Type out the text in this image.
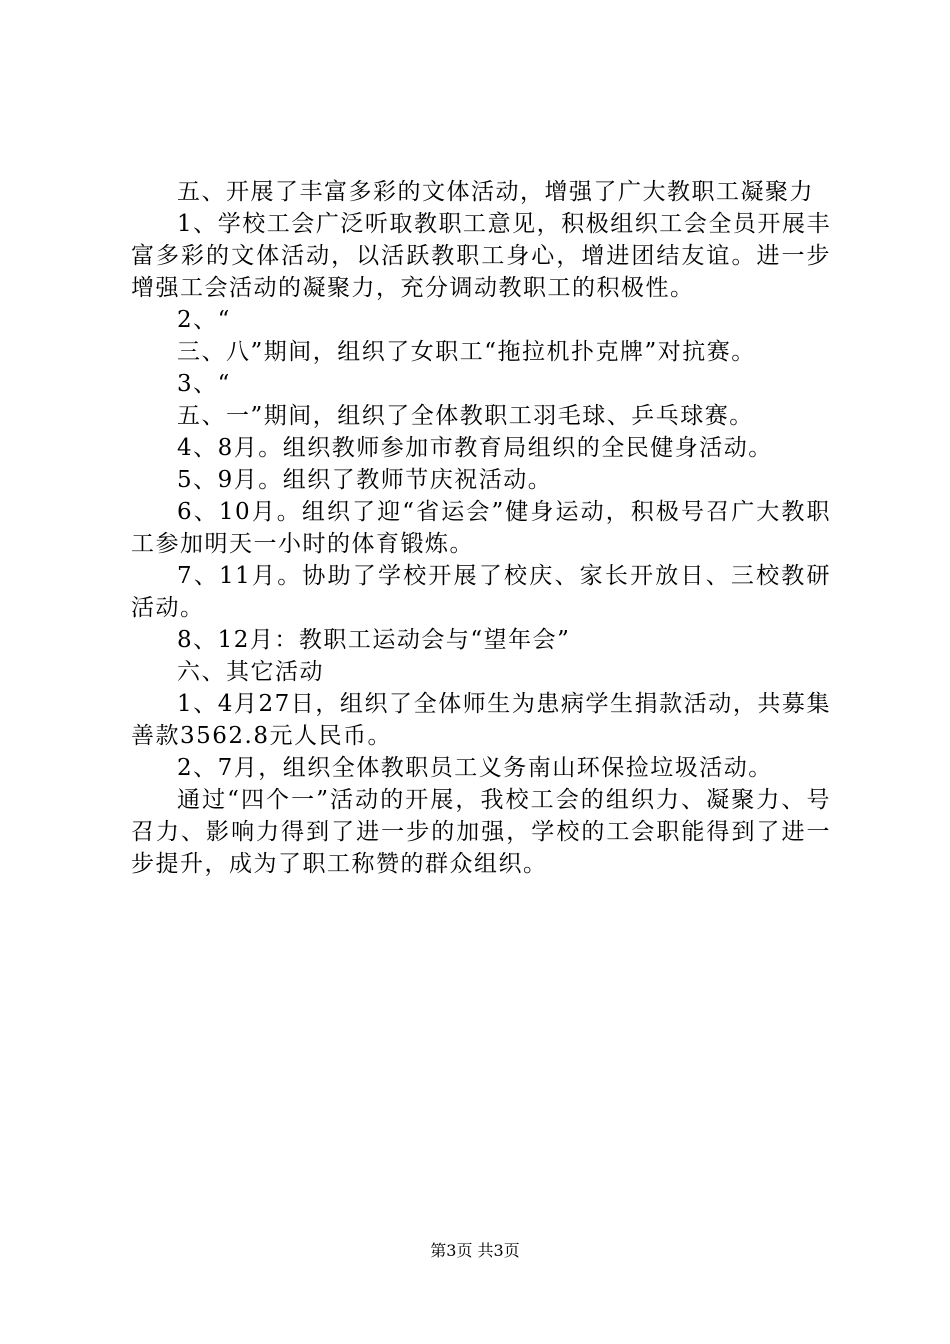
五、开展了丰富多彩的文体活动，增强了广大教职工凝聚力

1、学校工会广泛听取教职工意见，积极组织工会全员开展丰富多彩的文体活动，以活跃教职工身心，增进团结友谊。进一步增强工会活动的凝聚力，充分调动教职工的积极性。

2、“

三、八”期间，组织了女职工“拖拉机扑克牌”对抗赛。

3、“

五、一”期间，组织了全体教职工羽毛球、乒乓球赛。

4、8月。组织教师参加市教育局组织的全民健身活动。

5、9月。组织了教师节庆祝活动。

6、10月。组织了迎“省运会”健身运动，积极号召广大教职工参加明天一小时的体育锻炼。

7、11月。协助了学校开展了校庆、家长开放日、三校教研活动。

8、12月：教职工运动会与“望年会”

六、其它活动

1、4月27日，组织了全体师生为患病学生捐款活动，共募集善款3562.8元人民币。

2、7月，组织全体教职员工义务南山环保捡垃圾活动。

通过“四个一”活动的开展，我校工会的组织力、凝聚力、号召力、影响力得到了进一步的加强，学校的工会职能得到了进一步提升，成为了职工称赞的群众组织。

第3页 共3页
